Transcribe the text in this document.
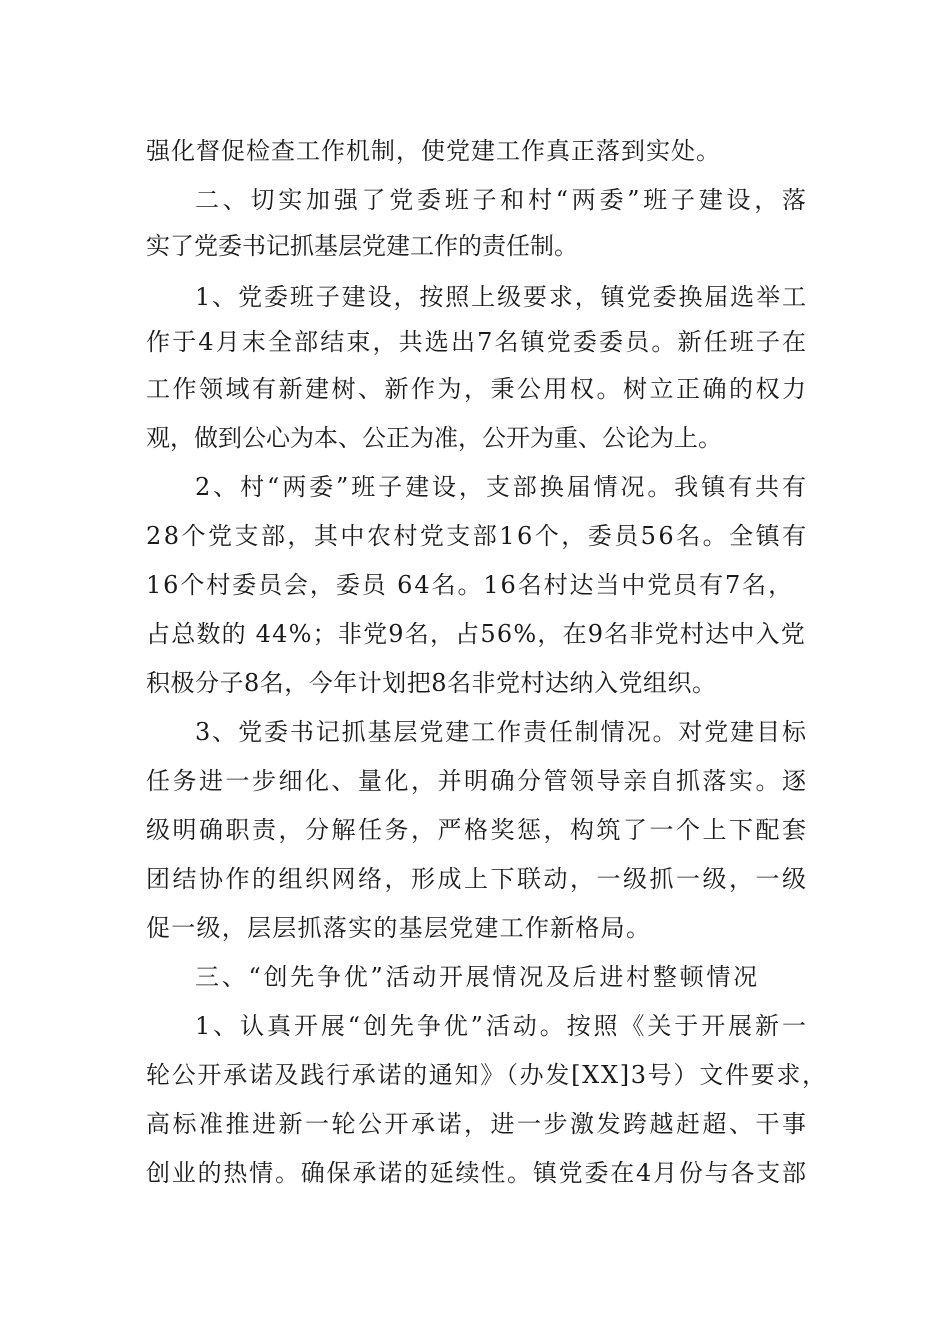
强化督促检查工作机制，使党建工作真正落到实处。
二、切实加强了党委班子和村“两委”班子建设，落
实了党委书记抓基层党建工作的责任制。
1、党委班子建设，按照上级要求，镇党委换届选举工
作于4月末全部结束，共选出7名镇党委委员。新任班子在
工作领域有新建树、新作为，秉公用权。树立正确的权力
观，做到公心为本、公正为准，公开为重、公论为上。
2、村“两委”班子建设，支部换届情况。我镇有共有
28个党支部，其中农村党支部16个，委员56名。全镇有
16个村委员会，委员 64名。16名村达当中党员有7名，
占总数的 44%；非党9名，占56%，在9名非党村达中入党
积极分子8名，今年计划把8名非党村达纳入党组织。
3、党委书记抓基层党建工作责任制情况。对党建目标
任务进一步细化、量化，并明确分管领导亲自抓落实。逐
级明确职责，分解任务，严格奖惩，构筑了一个上下配套
团结协作的组织网络，形成上下联动，一级抓一级，一级
促一级，层层抓落实的基层党建工作新格局。
三、“创先争优”活动开展情况及后进村整顿情况
1、认真开展“创先争优”活动。按照《关于开展新一
轮公开承诺及践行承诺的通知》（办发[XX]3号）文件要求，
高标准推进新一轮公开承诺，进一步激发跨越赶超、干事
创业的热情。确保承诺的延续性。镇党委在4月份与各支部
